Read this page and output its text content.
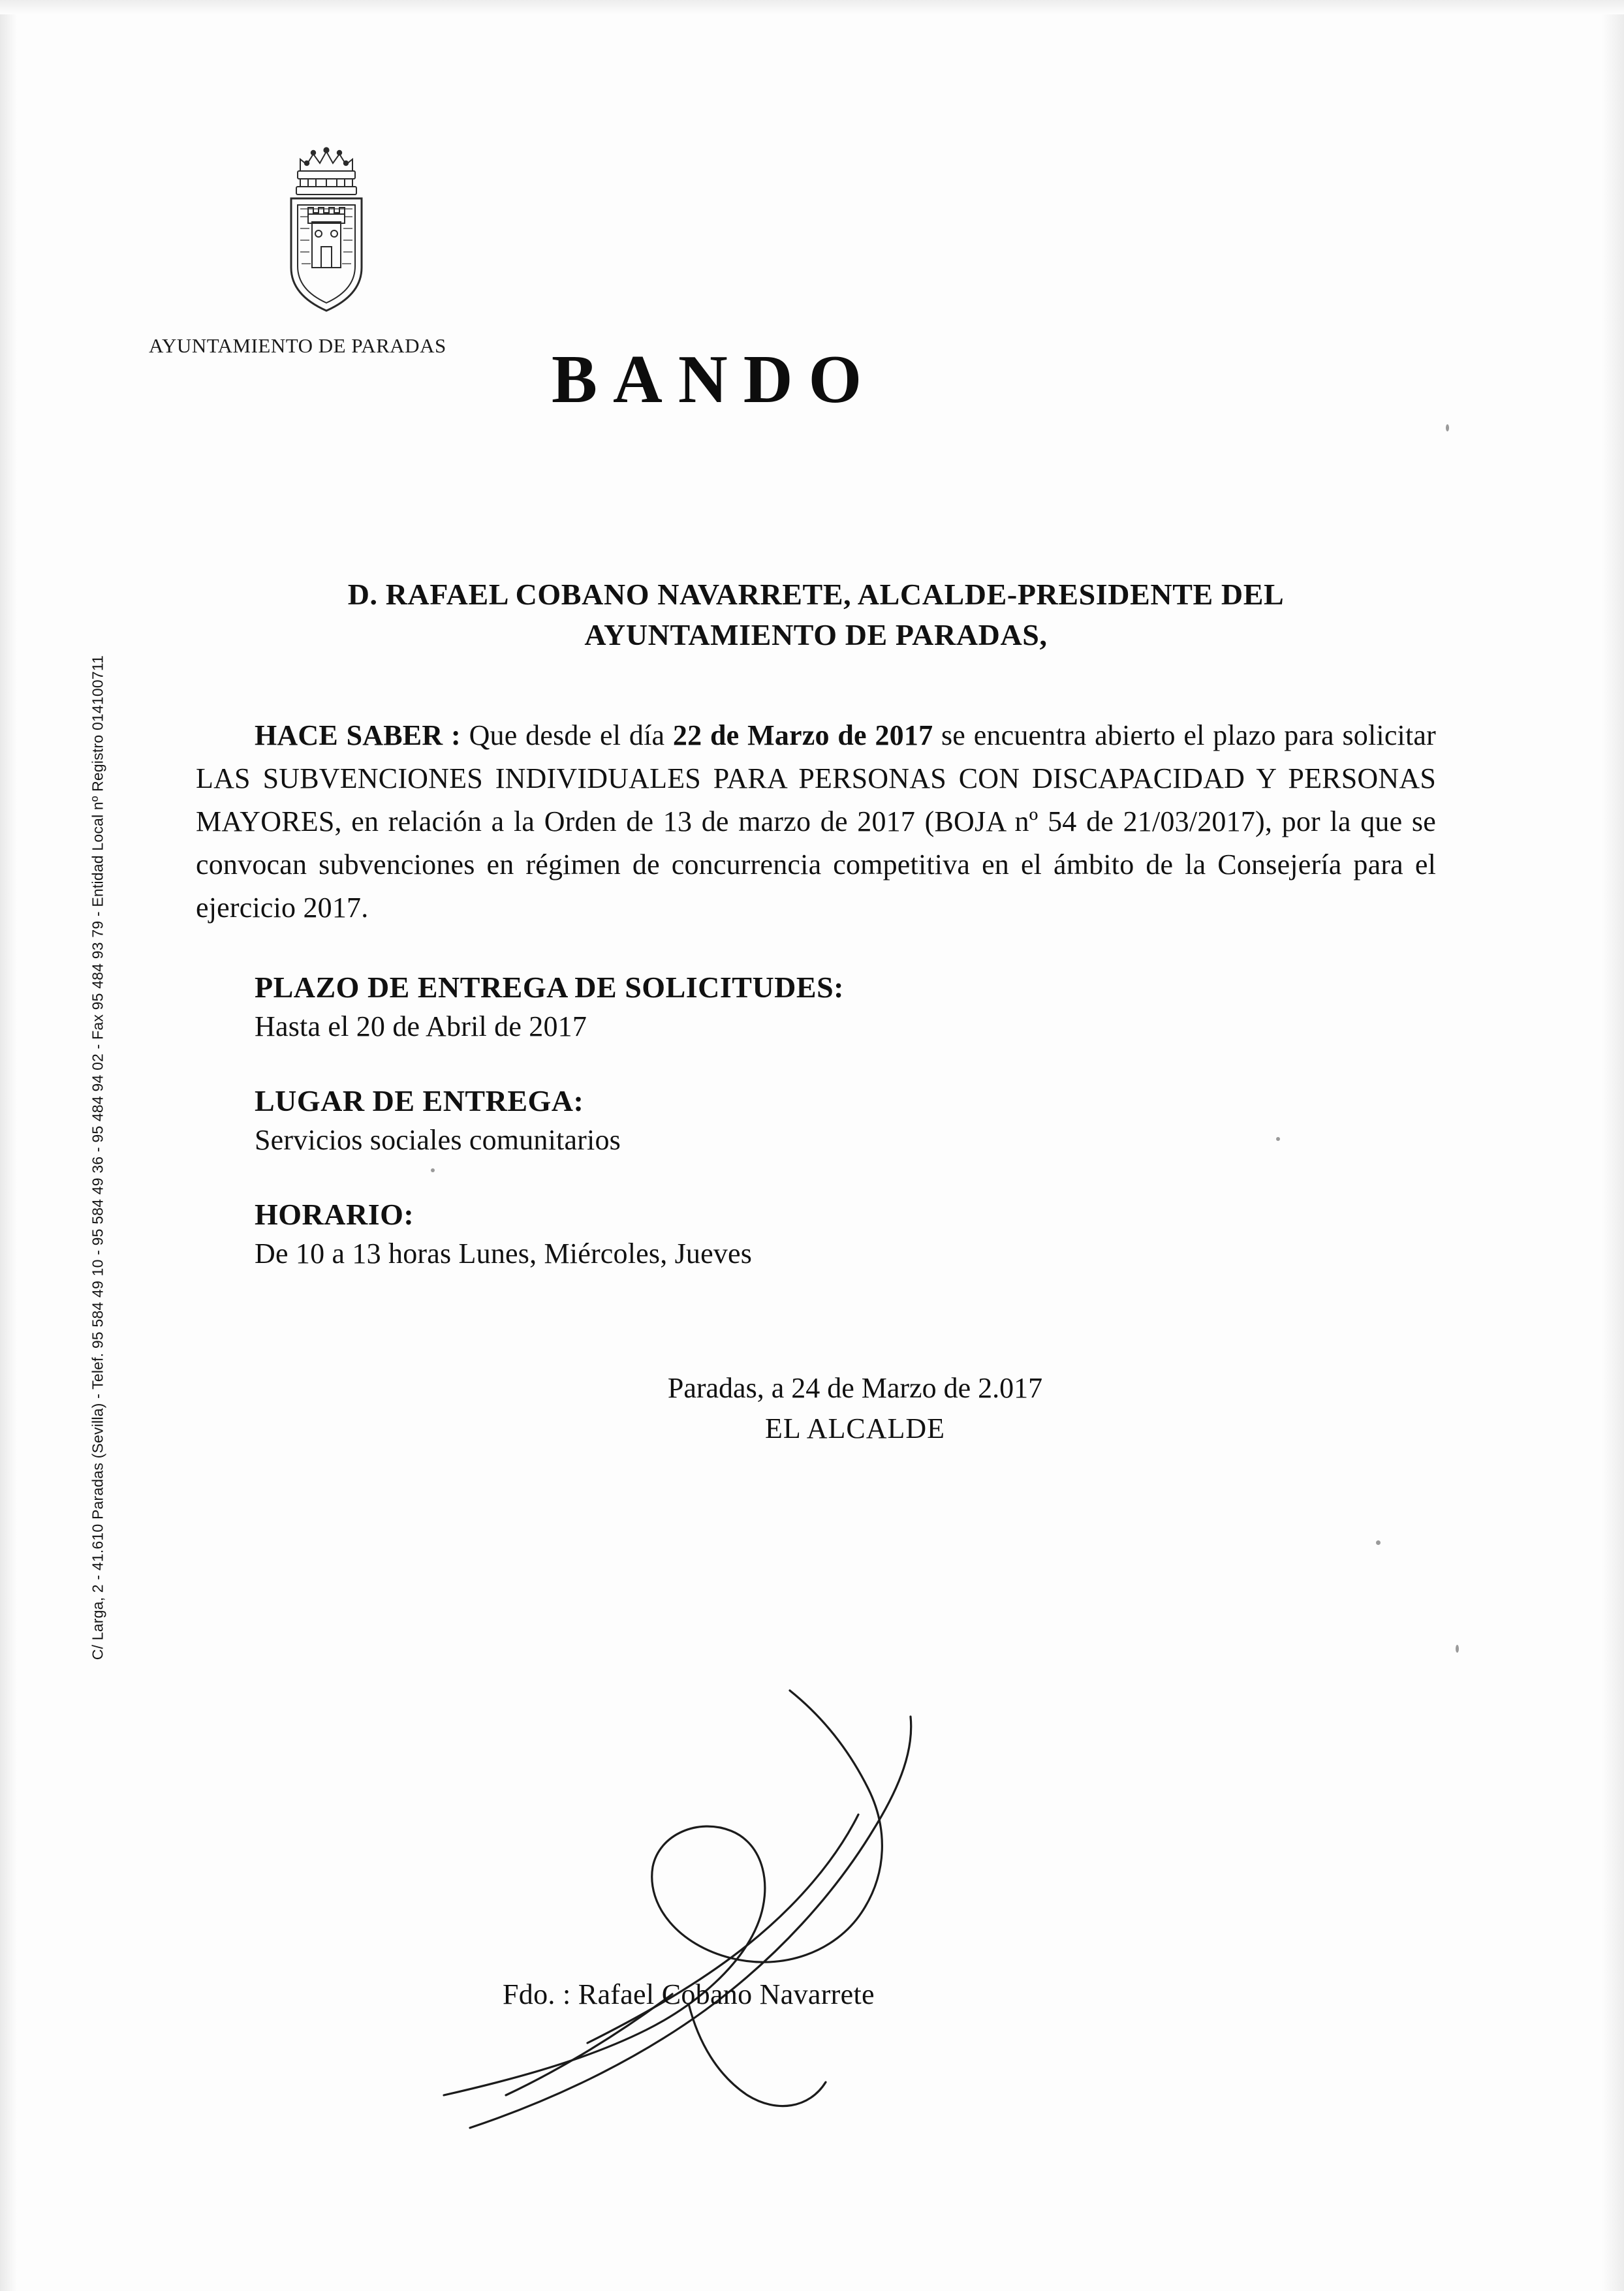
AYUNTAMIENTO DE PARADAS BANDO
C/ Larga, 2 - 41.610 Paradas (Sevilla) - Telef. 95 584 49 10 - 95 584 49 36 - 95 484 94 02 - Fax 95 484 93 79 - Entidad Local nº Registro 014100711
D. RAFAEL COBANO NAVARRETE, ALCALDE-PRESIDENTE DEL AYUNTAMIENTO DE PARADAS,
HACE SABER : Que desde el día 22 de Marzo de 2017 se encuentra abierto el plazo para solicitar LAS SUBVENCIONES INDIVIDUALES PARA PERSONAS CON DISCAPACIDAD Y PERSONAS MAYORES, en relación a la Orden de 13 de marzo de 2017 (BOJA nº 54 de 21/03/2017), por la que se convocan subvenciones en régimen de concurrencia competitiva en el ámbito de la Consejería para el ejercicio 2017.
PLAZO DE ENTREGA DE SOLICITUDES:
Hasta el 20 de Abril de 2017
LUGAR DE ENTREGA:
Servicios sociales comunitarios
HORARIO:
De 10 a 13 horas Lunes, Miércoles, Jueves
Paradas, a 24 de Marzo de 2.017
EL ALCALDE
Fdo. : Rafael Cobano Navarrete
